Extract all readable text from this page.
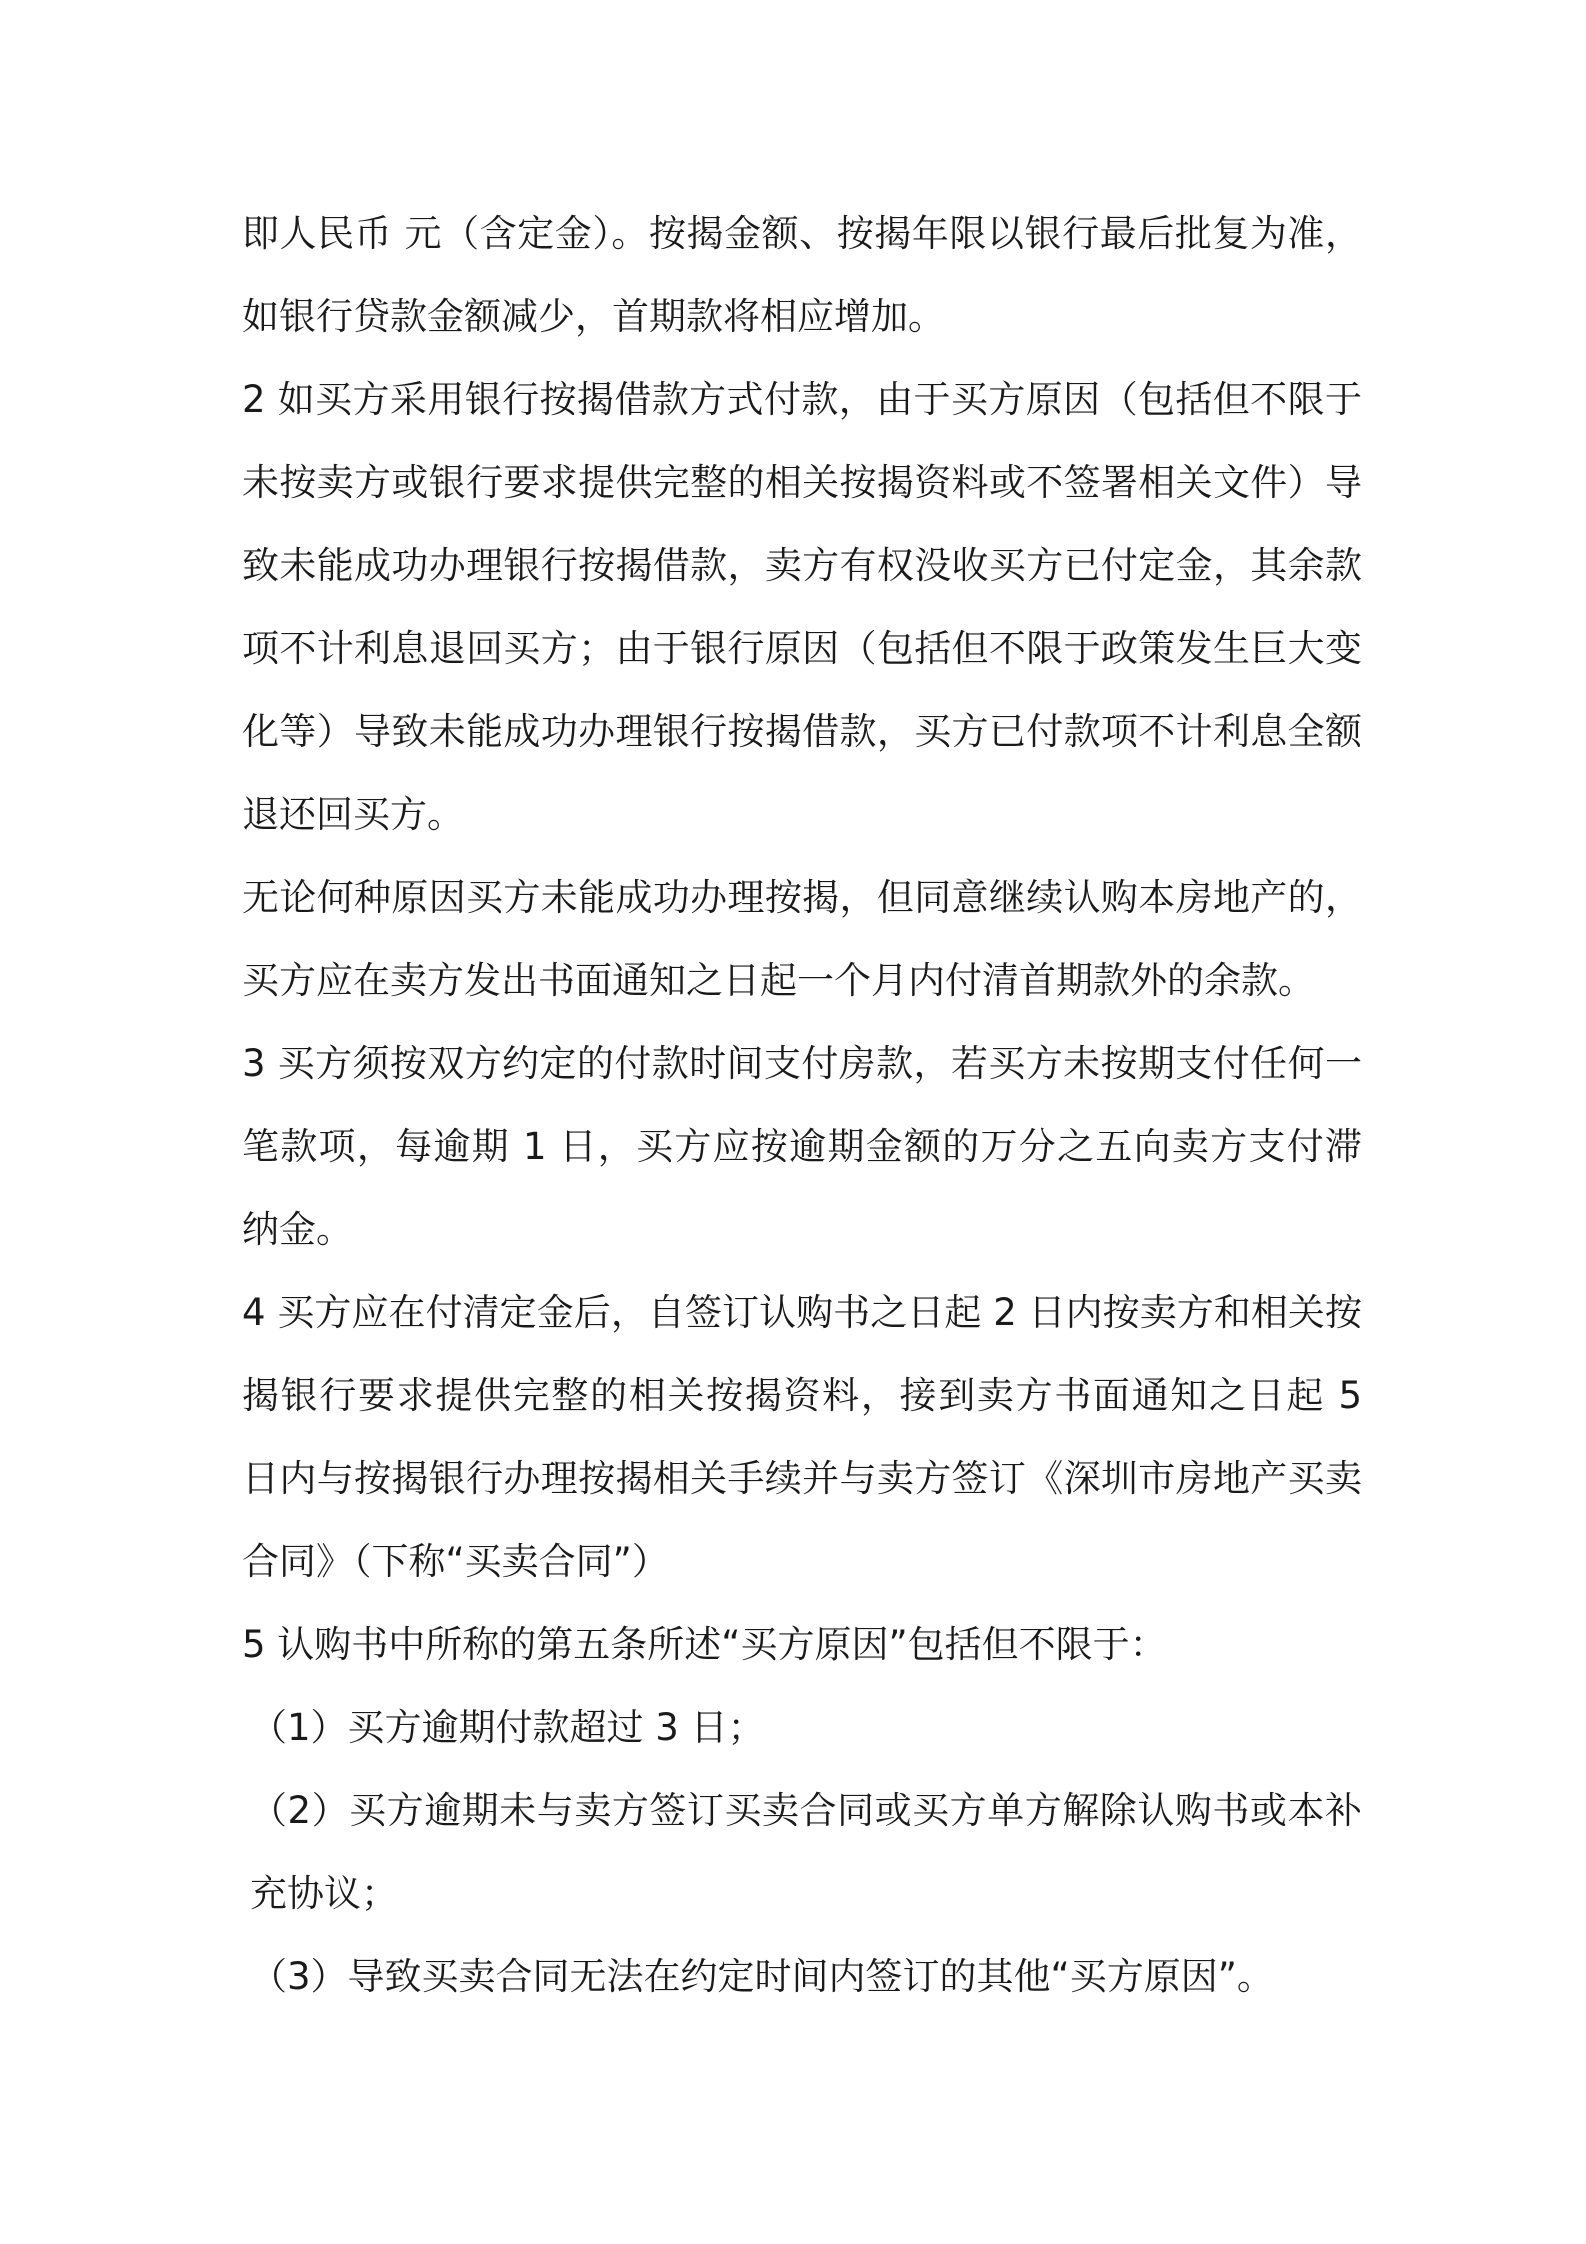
即人民币 元（含定金）。按揭金额、按揭年限以银行最后批复为准，如银行贷款金额减少，首期款将相应增加。

2 如买方采用银行按揭借款方式付款，由于买方原因（包括但不限于未按卖方或银行要求提供完整的相关按揭资料或不签署相关文件）导致未能成功办理银行按揭借款，卖方有权没收买方已付定金，其余款项不计利息退回买方；由于银行原因（包括但不限于政策发生巨大变化等）导致未能成功办理银行按揭借款，买方已付款项不计利息全额退还回买方。

无论何种原因买方未能成功办理按揭，但同意继续认购本房地产的，买方应在卖方发出书面通知之日起一个月内付清首期款外的余款。

3 买方须按双方约定的付款时间支付房款，若买方未按期支付任何一笔款项，每逾期 1 日，买方应按逾期金额的万分之五向卖方支付滞纳金。

4 买方应在付清定金后，自签订认购书之日起 2 日内按卖方和相关按揭银行要求提供完整的相关按揭资料，接到卖方书面通知之日起 5 日内与按揭银行办理按揭相关手续并与卖方签订《深圳市房地产买卖合同》（下称“买卖合同”）

5 认购书中所称的第五条所述“买方原因”包括但不限于：

（1）买方逾期付款超过 3 日；

（2）买方逾期未与卖方签订买卖合同或买方单方解除认购书或本补充协议；

（3）导致买卖合同无法在约定时间内签订的其他“买方原因”。
